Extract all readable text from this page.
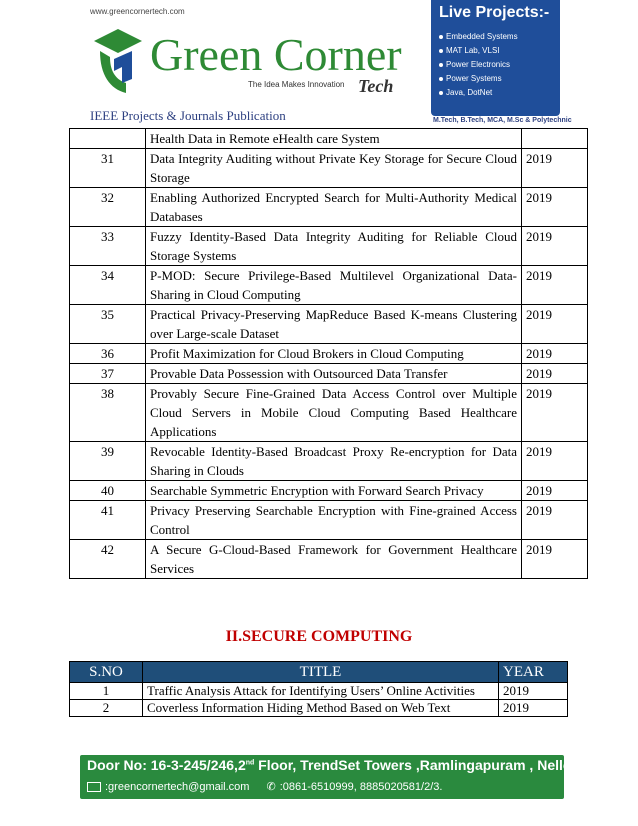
www.greencornertech.com
Green Corner
The Idea Makes Innovation Tech
IEEE Projects & Journals Publication
Live Projects:-
Embedded Systems
MAT Lab, VLSI
Power Electronics
Power Systems
Java, DotNet
M.Tech, B.Tech, MCA, M.Sc & Polytechnic
	Health Data in Remote eHealth care System	
31	Data Integrity Auditing without Private Key Storage for Secure Cloud Storage	2019
32	Enabling Authorized Encrypted Search for Multi-Authority Medical Databases	2019
33	Fuzzy Identity-Based Data Integrity Auditing for Reliable Cloud Storage Systems	2019
34	P-MOD: Secure Privilege-Based Multilevel Organizational Data-Sharing in Cloud Computing	2019
35	Practical Privacy-Preserving MapReduce Based K-means Clustering over Large-scale Dataset	2019
36	Profit Maximization for Cloud Brokers in Cloud Computing	2019
37	Provable Data Possession with Outsourced Data Transfer	2019
38	Provably Secure Fine-Grained Data Access Control over Multiple Cloud Servers in Mobile Cloud Computing Based Healthcare Applications	2019
39	Revocable Identity-Based Broadcast Proxy Re-encryption for Data Sharing in Clouds	2019
40	Searchable Symmetric Encryption with Forward Search Privacy	2019
41	Privacy Preserving Searchable Encryption with Fine-grained Access Control	2019
42	A Secure G-Cloud-Based Framework for Government Healthcare Services	2019
II.SECURE COMPUTING
S.NO	TITLE	YEAR
1	Traffic Analysis Attack for Identifying Users’ Online Activities	2019
2	Coverless Information Hiding Method Based on Web Text	2019
Door No: 16-3-245/246,2nd Floor, TrendSet Towers ,Ramlingapuram , Nellore.
:greencornertech@gmail.com ✆ :0861-6510999, 8885020581/2/3.
